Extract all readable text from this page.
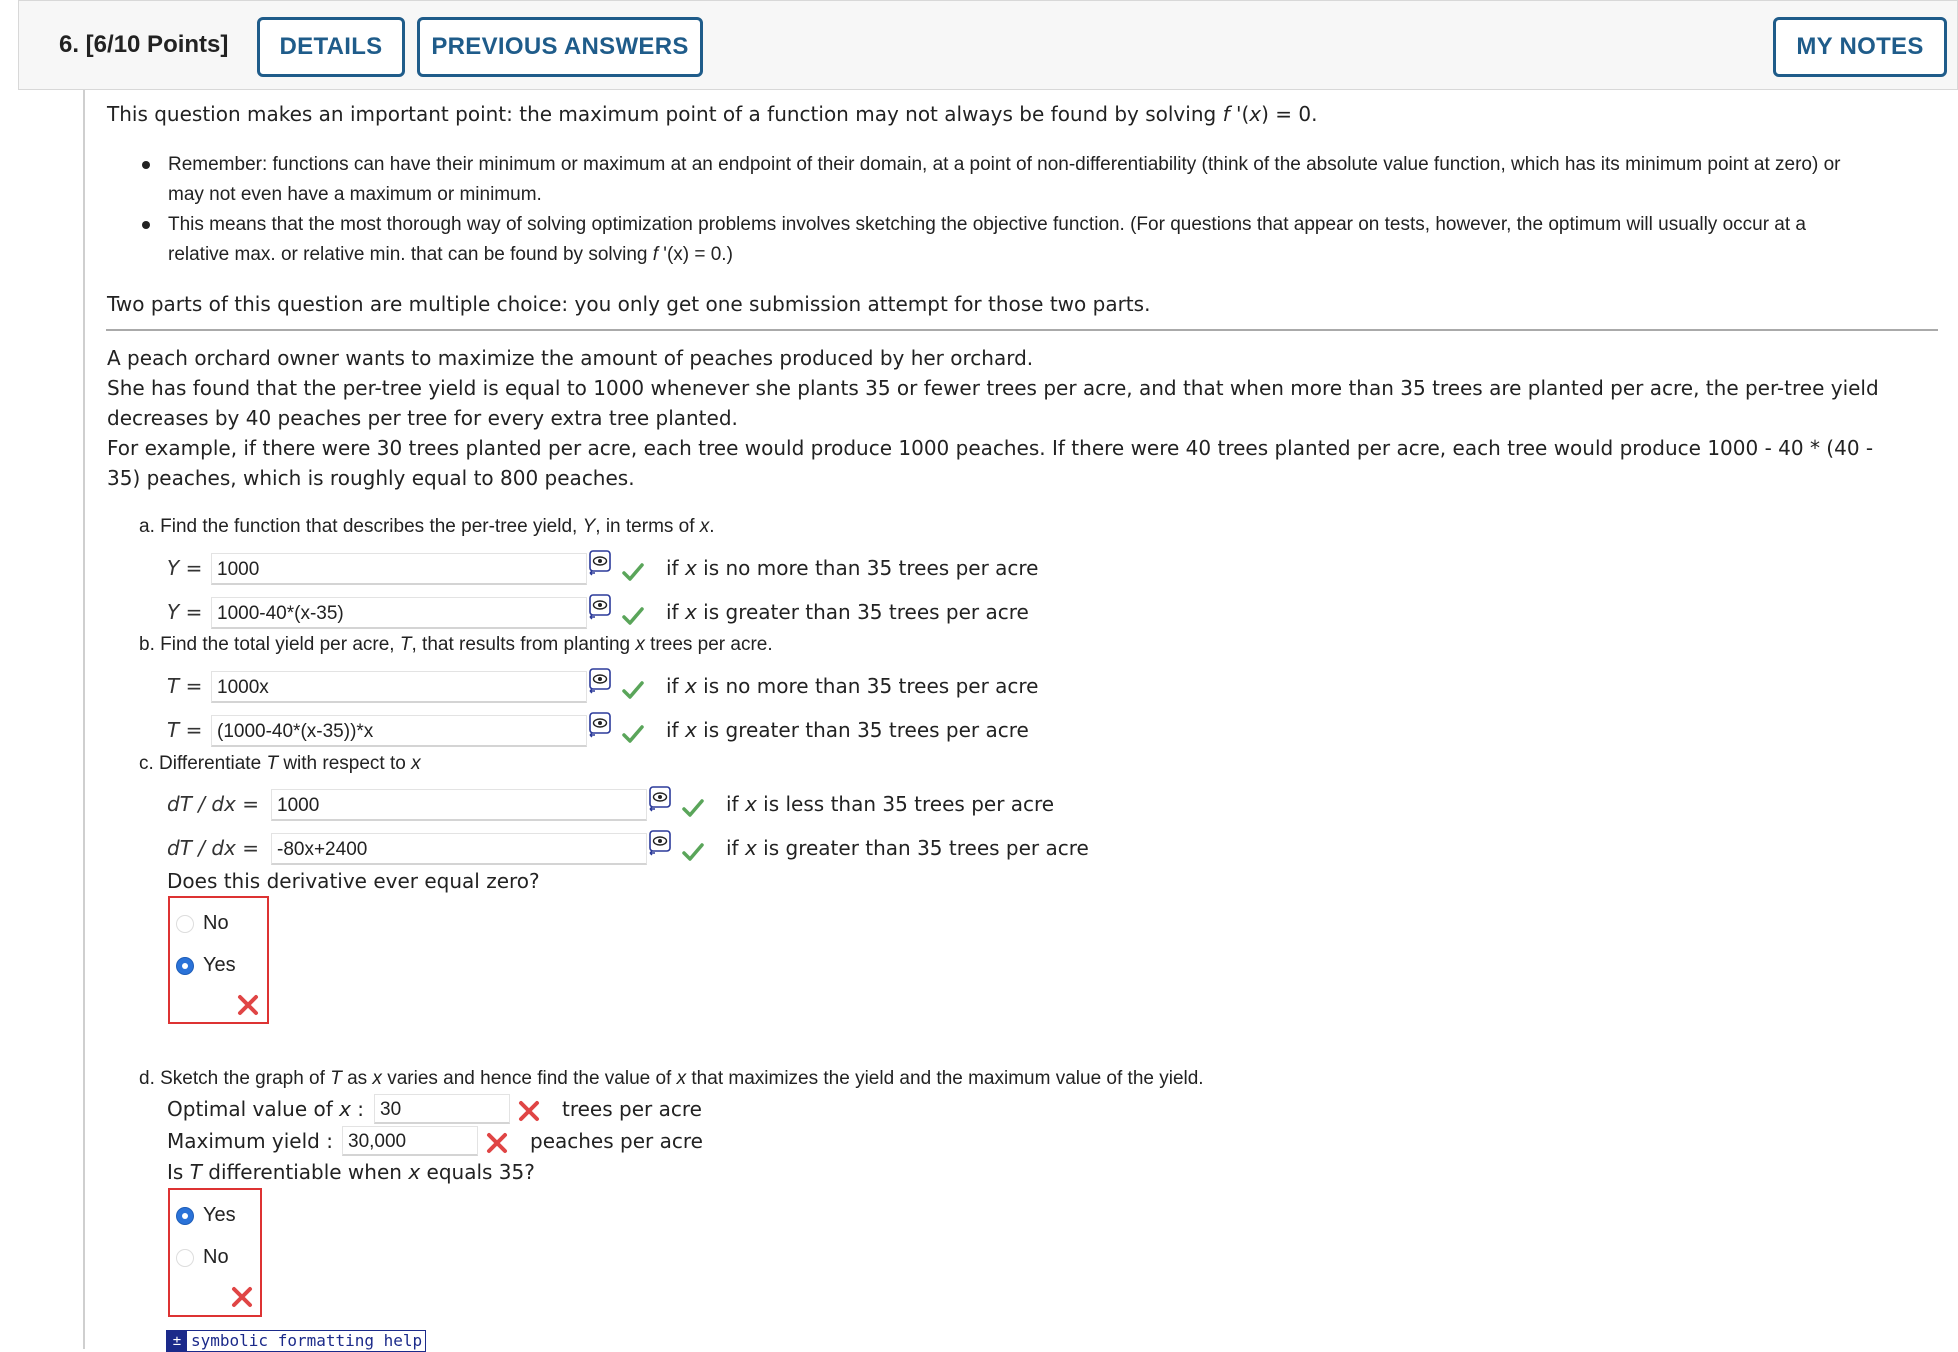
6. [6/10 Points]	DETAILS	PREVIOUS ANSWERS	MY NOTES
This question makes an important point: the maximum point of a function may not always be found by solving f '(x) = 0.
Remember: functions can have their minimum or maximum at an endpoint of their domain, at a point of non-differentiability (think of the absolute value function, which has its minimum point at zero) or
may not even have a maximum or minimum.
This means that the most thorough way of solving optimization problems involves sketching the objective function. (For questions that appear on tests, however, the optimum will usually occur at a
relative max. or relative min. that can be found by solving f '(x) = 0.)
Two parts of this question are multiple choice: you only get one submission attempt for those two parts.
A peach orchard owner wants to maximize the amount of peaches produced by her orchard.
She has found that the per-tree yield is equal to 1000 whenever she plants 35 or fewer trees per acre, and that when more than 35 trees are planted per acre, the per-tree yield
decreases by 40 peaches per tree for every extra tree planted.
For example, if there were 30 trees planted per acre, each tree would produce 1000 peaches. If there were 40 trees planted per acre, each tree would produce 1000 - 40 * (40 -
35) peaches, which is roughly equal to 800 peaches.
a. Find the function that describes the per-tree yield, Y, in terms of x.
Y = 1000	if x is no more than 35 trees per acre
Y = 1000-40*(x-35)	if x is greater than 35 trees per acre
b. Find the total yield per acre, T, that results from planting x trees per acre.
T = 1000x	if x is no more than 35 trees per acre
T = (1000-40*(x-35))*x	if x is greater than 35 trees per acre
c. Differentiate T with respect to x
dT / dx = 1000	if x is less than 35 trees per acre
dT / dx = -80x+2400	if x is greater than 35 trees per acre
Does this derivative ever equal zero?
No
Yes
d. Sketch the graph of T as x varies and hence find the value of x that maximizes the yield and the maximum value of the yield.
Optimal value of x : 30	trees per acre
Maximum yield : 30,000	peaches per acre
Is T differentiable when x equals 35?
Yes
No
± symbolic formatting help
